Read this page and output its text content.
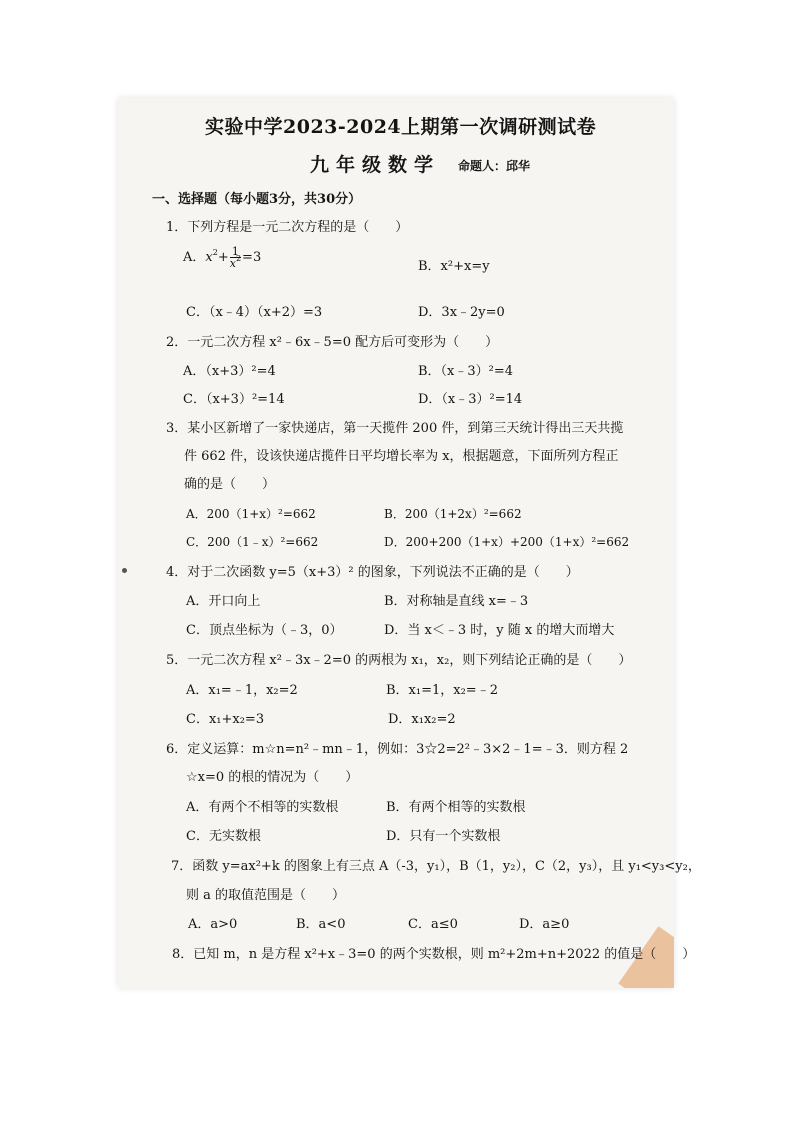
实验中学2023-2024上期第一次调研测试卷
九年级数学 命题人：邱华
一、选择题（每小题3分，共30分）
1．下列方程是一元二次方程的是（　　）
A．$x^2+ \frac{1}{x^2} =3$
B．x²+x=y
C．（x﹣4）（x+2）=3	D．3x﹣2y=0
2．一元二次方程 x²﹣6x﹣5=0 配方后可变形为（　　）
A．（x+3）²=4	B．（x﹣3）²=4
C．（x+3）²=14	D．（x﹣3）²=14
3．某小区新增了一家快递店，第一天揽件 200 件，到第三天统计得出三天共揽
件 662 件，设该快递店揽件日平均增长率为 x，根据题意，下面所列方程正
确的是（　　）
A．200（1+x）²=662	B．200（1+2x）²=662
C．200（1﹣x）²=662	D．200+200（1+x）+200（1+x）²=662
4．对于二次函数 y=5（x+3）² 的图象，下列说法不正确的是（　　）
A．开口向上	B．对称轴是直线 x=﹣3
C．顶点坐标为（﹣3，0）	D．当 x＜﹣3 时，y 随 x 的增大而增大
5．一元二次方程 x²﹣3x﹣2=0 的两根为 x₁，x₂，则下列结论正确的是（　　）
A．x₁=﹣1，x₂=2	B．x₁=1，x₂=﹣2
C．x₁+x₂=3	D．x₁x₂=2
6．定义运算：m☆n=n²﹣mn﹣1，例如：3☆2=2²﹣3×2﹣1=﹣3．则方程 2
☆x=0 的根的情况为（　　）
A．有两个不相等的实数根	B．有两个相等的实数根
C．无实数根	D．只有一个实数根
7．函数 y=ax²+k 的图象上有三点 A（-3，y₁），B（1，y₂），C（2，y₃），且 y₁<y₃<y₂，
则 a 的取值范围是（　　）
A．a>0	B．a<0	C．a≤0	D．a≥0
8．已知 m，n 是方程 x²+x﹣3=0 的两个实数根，则 m²+2m+n+2022 的值是（　　）
